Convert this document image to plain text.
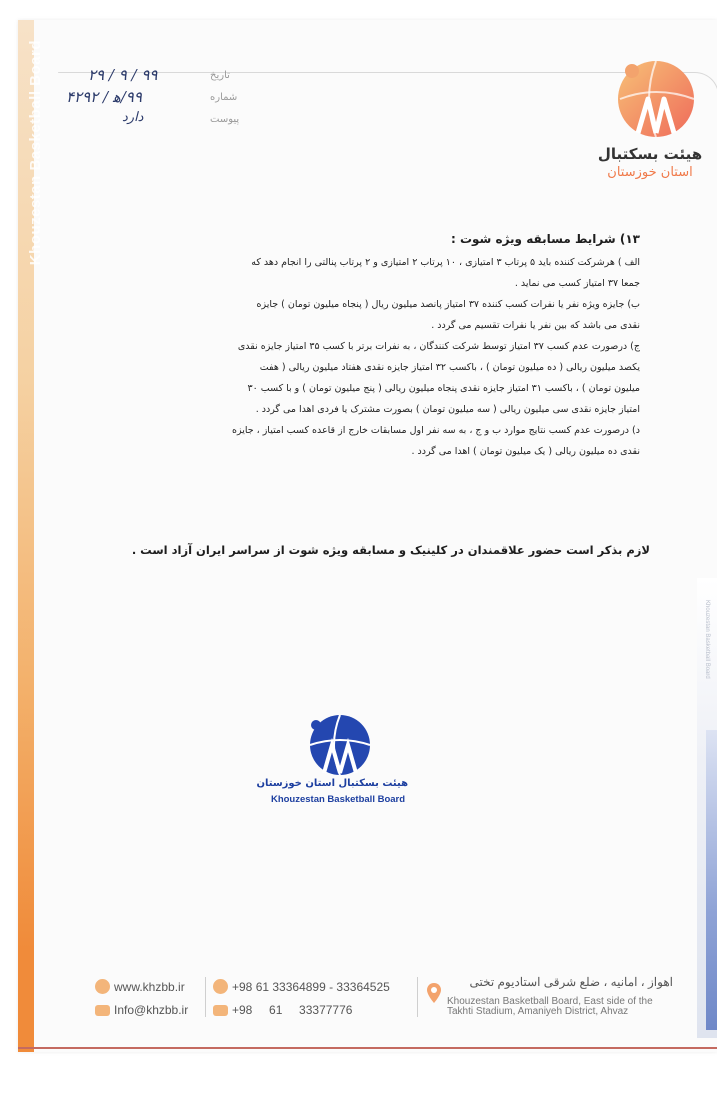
Khouzestan Basketball Board
Khouzestan Basketball Board
تاریخ
۹۹ / ۹ / ۲۹
شماره
۹۹/ﻫ / ۴۲۹۲
پیوست
دارد
هیئت بسکتبال
استان خوزستان
۱۳) شرایط مسابقه ویژه شوت :

الف ) هرشرکت کننده باید ۵ پرتاب ۳ امتیازی ، ۱۰ پرتاب ۲ امتیازی و ۲ پرتاب پنالتی را انجام دهد که

جمعا ۳۷ امتیاز کسب می نماید .

ب) جایزه ویژه نفر یا نفرات کسب کننده ۳۷ امتیاز پانصد میلیون ریال ( پنجاه میلیون تومان ) جایزه

نقدی می باشد که بین نفر یا نفرات تقسیم می گردد .

ج) درصورت عدم کسب ۳۷ امتیاز توسط شرکت کنندگان ، به نفرات برتر با کسب ۳۵ امتیاز جایزه نقدی

یکصد میلیون ریالی ( ده میلیون تومان ) ، باکسب ۳۲ امتیاز جایزه نقدی هفتاد میلیون ریالی ( هفت

میلیون تومان ) ، باکسب ۳۱ امتیاز جایزه نقدی پنجاه میلیون ریالی ( پنج میلیون تومان ) و با کسب ۳۰

امتیاز جایزه نقدی سی میلیون ریالی ( سه میلیون تومان ) بصورت مشترک یا فردی اهدا می گردد .

د) درصورت عدم کسب نتایج موارد ب و ج ، به سه نفر اول مسابقات خارج از قاعده کسب امتیاز ، جایزه

نقدی ده میلیون ریالی ( یک میلیون تومان ) اهدا می گردد .

لازم بذکر است حضور علاقمندان در کلینیک و مسابقه ویژه شوت از سراسر ایران آزاد است .
هیئت بسکتبال استان خوزستان
Khouzestan Basketball Board
www.khzbb.ir
Info@khzbb.ir
+98 61 33364899 - 33364525
+98     61     33377776
اهواز ، امانیه ، ضلع شرقی استادیوم تختی
Khouzestan Basketball Board, East side of the Takhti Stadium, Amaniyeh District, Ahvaz
